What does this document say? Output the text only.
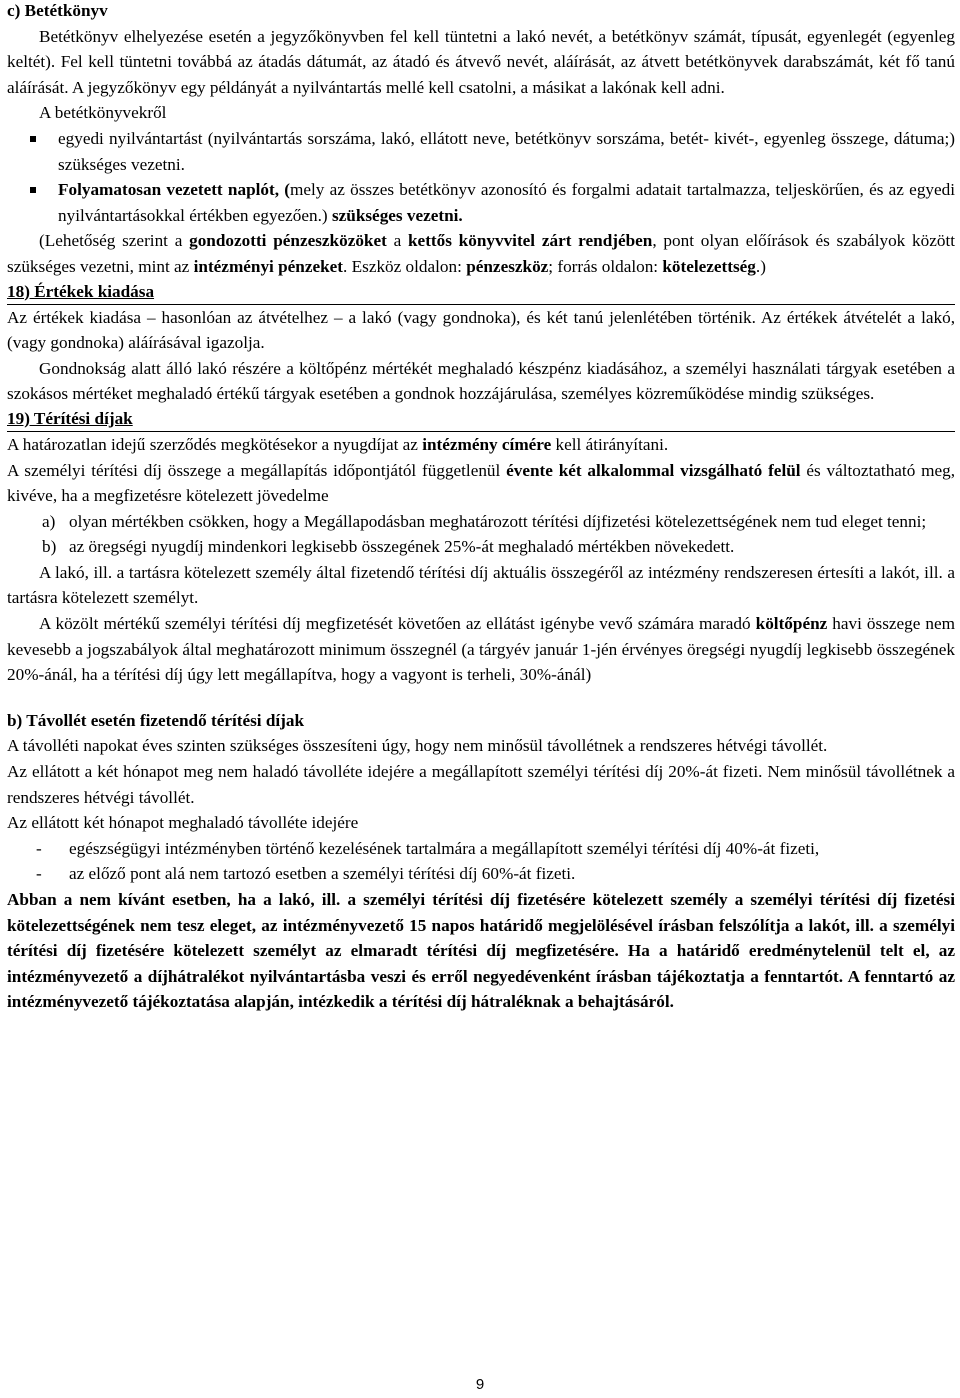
c) Betétkönyv

Betétkönyv elhelyezése esetén a jegyzőkönyvben fel kell tüntetni a lakó nevét, a betétkönyv számát, típusát, egyenlegét (egyenleg keltét). Fel kell tüntetni továbbá az átadás dátumát, az átadó és átvevő nevét, aláírását, az átvett betétkönyvek darabszámát, két fő tanú aláírását. A jegyzőkönyv egy példányát a nyilvántartás mellé kell csatolni, a másikat a lakónak kell adni.

A betétkönyvekről

egyedi nyilvántartást (nyilvántartás sorszáma, lakó, ellátott neve, betétkönyv sorszáma, betét- kivét-, egyenleg összege, dátuma;) szükséges vezetni.
Folyamatosan vezetett naplót, (mely az összes betétkönyv azonosító és forgalmi adatait tartalmazza, teljeskörűen, és az egyedi nyilvántartásokkal értékben egyezően.) szükséges vezetni.

(Lehetőség szerint a gondozotti pénzeszközöket a kettős könyvvitel zárt rendjében, pont olyan előírások és szabályok között szükséges vezetni, mint az intézményi pénzeket. Eszköz oldalon: pénzeszköz; forrás oldalon: kötelezettség.)

18) Értékek kiadása

Az értékek kiadása – hasonlóan az átvételhez – a lakó (vagy gondnoka), és két tanú jelenlétében történik. Az értékek átvételét a lakó, (vagy gondnoka) aláírásával igazolja.

Gondnokság alatt álló lakó részére a költőpénz mértékét meghaladó készpénz kiadásához, a személyi használati tárgyak esetében a szokásos mértéket meghaladó értékű tárgyak esetében a gondnok hozzájárulása, személyes közreműködése mindig szükséges.

19) Térítési díjak

A határozatlan idejű szerződés megkötésekor a nyugdíjat az intézmény címére kell átirányítani.

A személyi térítési díj összege a megállapítás időpontjától függetlenül évente két alkalommal vizsgálható felül és változtatható meg, kivéve, ha a megfizetésre kötelezett jövedelme

a) olyan mértékben csökken, hogy a Megállapodásban meghatározott térítési díjfizetési kötelezettségének nem tud eleget tenni;
b) az öregségi nyugdíj mindenkori legkisebb összegének 25%-át meghaladó mértékben növekedett.

A lakó, ill. a tartásra kötelezett személy által fizetendő térítési díj aktuális összegéről az intézmény rendszeresen értesíti a lakót, ill. a tartásra kötelezett személyt.

A közölt mértékű személyi térítési díj megfizetését követően az ellátást igénybe vevő számára maradó költőpénz havi összege nem kevesebb a jogszabályok által meghatározott minimum összegnél (a tárgyév január 1-jén érvényes öregségi nyugdíj legkisebb összegének 20%-ánál, ha a térítési díj úgy lett megállapítva, hogy a vagyont is terheli, 30%-ánál)

b) Távollét esetén fizetendő térítési díjak

A távolléti napokat éves szinten szükséges összesíteni úgy, hogy nem minősül távollétnek a rendszeres hétvégi távollét.

Az ellátott a két hónapot meg nem haladó távolléte idejére a megállapított személyi térítési díj 20%-át fizeti. Nem minősül távollétnek a rendszeres hétvégi távollét.

Az ellátott két hónapot meghaladó távolléte idejére

- egészségügyi intézményben történő kezelésének tartalmára a megállapított személyi térítési díj 40%-át fizeti,
- az előző pont alá nem tartozó esetben a személyi térítési díj 60%-át fizeti.

Abban a nem kívánt esetben, ha a lakó, ill. a személyi térítési díj fizetésére kötelezett személy a személyi térítési díj fizetési kötelezettségének nem tesz eleget, az intézményvezető 15 napos határidő megjelölésével írásban felszólítja a lakót, ill. a személyi térítési díj fizetésére kötelezett személyt az elmaradt térítési díj megfizetésére. Ha a határidő eredménytelenül telt el, az intézményvezető a díjhátralékot nyilvántartásba veszi és erről negyedévenként írásban tájékoztatja a fenntartót. A fenntartó az intézményvezető tájékoztatása alapján, intézkedik a térítési díj hátraléknak a behajtásáról.

9
